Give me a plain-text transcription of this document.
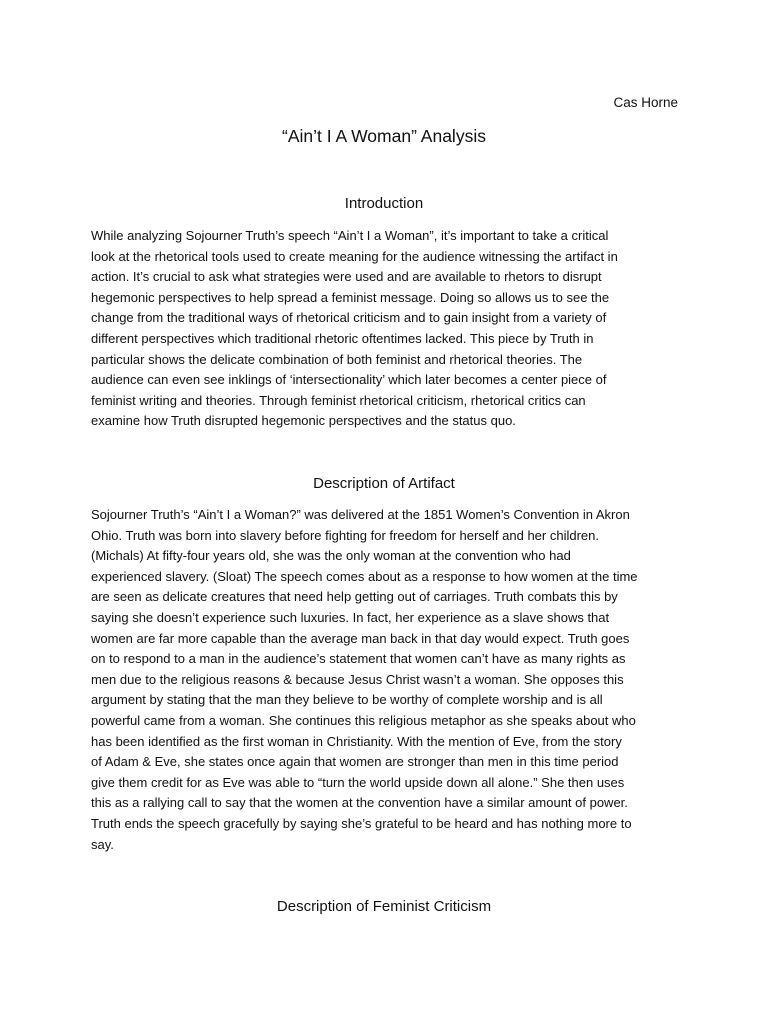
Cas Horne
“Ain’t I A Woman” Analysis
Introduction
While analyzing Sojourner Truth’s speech “Ain’t I a Woman”, it’s important to take a critical
look at the rhetorical tools used to create meaning for the audience witnessing the artifact in
action. It’s crucial to ask what strategies were used and are available to rhetors to disrupt
hegemonic perspectives to help spread a feminist message. Doing so allows us to see the
change from the traditional ways of rhetorical criticism and to gain insight from a variety of
different perspectives which traditional rhetoric oftentimes lacked. This piece by Truth in
particular shows the delicate combination of both feminist and rhetorical theories. The
audience can even see inklings of ‘intersectionality’ which later becomes a center piece of
feminist writing and theories. Through feminist rhetorical criticism, rhetorical critics can
examine how Truth disrupted hegemonic perspectives and the status quo.
Description of Artifact
Sojourner Truth’s “Ain’t I a Woman?” was delivered at the 1851 Women’s Convention in Akron
Ohio. Truth was born into slavery before fighting for freedom for herself and her children.
(Michals) At fifty-four years old, she was the only woman at the convention who had
experienced slavery. (Sloat) The speech comes about as a response to how women at the time
are seen as delicate creatures that need help getting out of carriages. Truth combats this by
saying she doesn’t experience such luxuries. In fact, her experience as a slave shows that
women are far more capable than the average man back in that day would expect. Truth goes
on to respond to a man in the audience’s statement that women can’t have as many rights as
men due to the religious reasons & because Jesus Christ wasn’t a woman. She opposes this
argument by stating that the man they believe to be worthy of complete worship and is all
powerful came from a woman. She continues this religious metaphor as she speaks about who
has been identified as the first woman in Christianity. With the mention of Eve, from the story
of Adam & Eve, she states once again that women are stronger than men in this time period
give them credit for as Eve was able to “turn the world upside down all alone.” She then uses
this as a rallying call to say that the women at the convention have a similar amount of power.
Truth ends the speech gracefully by saying she’s grateful to be heard and has nothing more to
say.
Description of Feminist Criticism
